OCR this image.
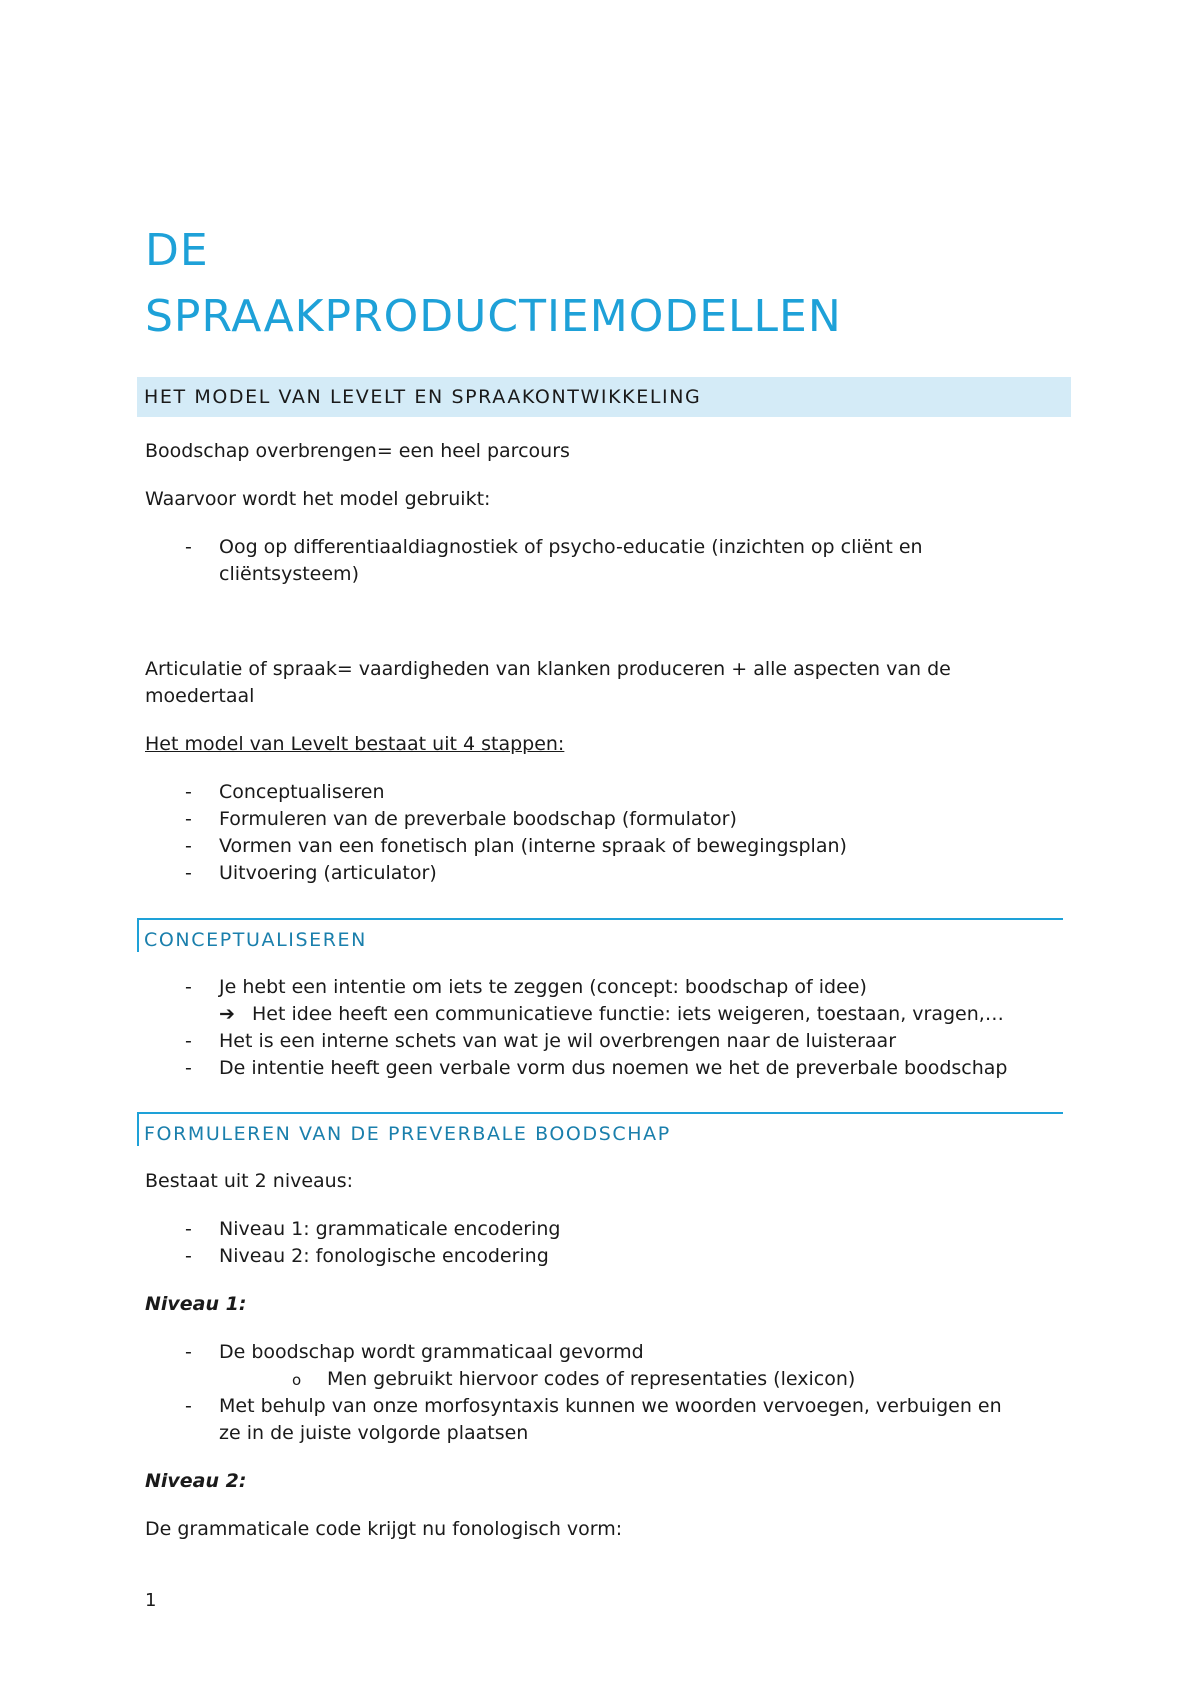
DE
SPRAAKPRODUCTIEMODELLEN
HET MODEL VAN LEVELT EN SPRAAKONTWIKKELING

Boodschap overbrengen= een heel parcours

Waarvoor wordt het model gebruikt:

- Oog op differentiaaldiagnostiek of psycho-educatie (inzichten op cliënt en

cliëntsysteem)

Articulatie of spraak= vaardigheden van klanken produceren + alle aspecten van de

moedertaal

Het model van Levelt bestaat uit 4 stappen:

- Conceptualiseren

- Formuleren van de preverbale boodschap (formulator)

- Vormen van een fonetisch plan (interne spraak of bewegingsplan)

- Uitvoering (articulator)

CONCEPTUALISEREN
- Je hebt een intentie om iets te zeggen (concept: boodschap of idee)

➔ Het idee heeft een communicatieve functie: iets weigeren, toestaan, vragen,…

- Het is een interne schets van wat je wil overbrengen naar de luisteraar

- De intentie heeft geen verbale vorm dus noemen we het de preverbale boodschap

FORMULEREN VAN DE PREVERBALE BOODSCHAP

Bestaat uit 2 niveaus:

- Niveau 1: grammaticale encodering

- Niveau 2: fonologische encodering

Niveau 1:

- De boodschap wordt grammaticaal gevormd

o Men gebruikt hiervoor codes of representaties (lexicon)

- Met behulp van onze morfosyntaxis kunnen we woorden vervoegen, verbuigen en

ze in de juiste volgorde plaatsen

Niveau 2:

De grammaticale code krijgt nu fonologisch vorm:

1
